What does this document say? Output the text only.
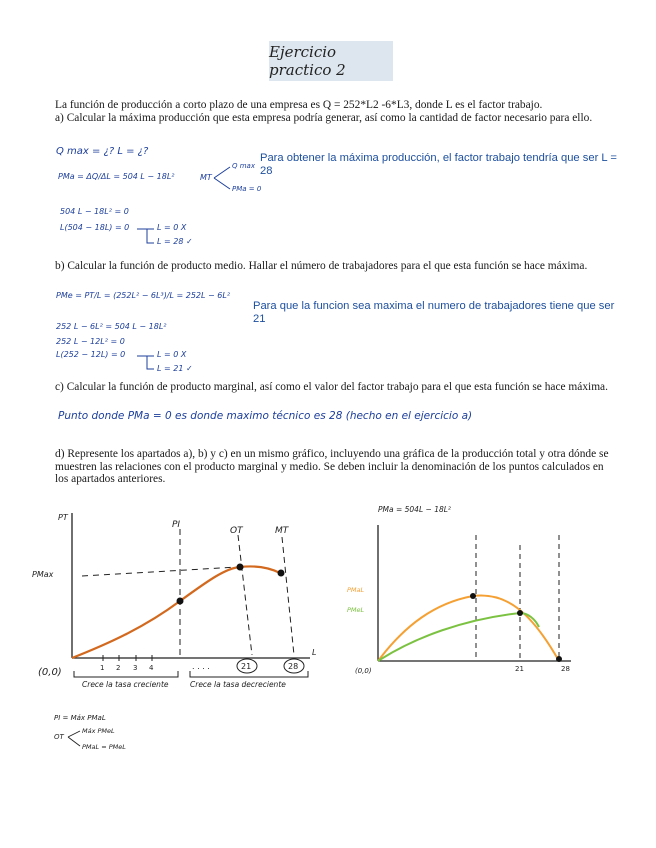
Ejercicio practico 2
La función de producción a corto plazo de una empresa es Q = 252*L2 -6*L3, donde L es el factor trabajo.
a) Calcular la máxima producción que esta empresa podría generar, así como la cantidad de factor necesario para ello.
Q max = ¿? L = ¿?
PMa = ΔQ/ΔL = 504 L − 18L²	MT
Q max
PMa = 0
504 L − 18L² = 0
L(504 − 18L) = 0	L = 0 X
L = 28 ✓
Para obtener la máxima producción, el factor trabajo tendría que ser L = 28
b) Calcular la función de producto medio. Hallar el número de trabajadores para el que esta función se hace máxima.
PMe = PT/L = (252L² − 6L³)/L = 252L − 6L²
252 L − 6L² = 504 L − 18L²
252 L − 12L² = 0
L(252 − 12L) = 0	L = 0 X
L = 21 ✓
Para que la funcion sea maxima el numero de trabajadores tiene que ser 21
c) Calcular la función de producto marginal, así como el valor del factor trabajo para el que esta función se hace máxima.
Punto donde PMa = 0 es donde maximo técnico es 28 (hecho en el ejercicio a)
d) Represente los apartados a), b) y c) en un mismo gráfico, incluyendo una gráfica de la producción total y otra dónde se muestren las relaciones con el producto marginal y medio. Se deben incluir la denominación de los puntos calculados en los apartados anteriores.
PT
L
(0,0)
PMax
PI
OT	MT
1 2 3 4	. . . .	21	28
Crece la tasa creciente	Crece la tasa decreciente
PI = Máx PMaL
OT
Máx PMeL
PMaL = PMeL
PMa = 504L − 18L²
(0,0)
PMaL
PMeL
21	28
